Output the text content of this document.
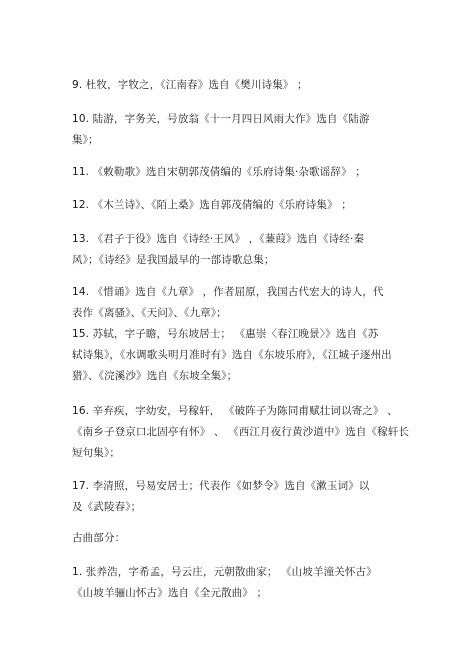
9. 杜牧，字牧之，《江南春》选自《樊川诗集》 ；
10. 陆游，字务关，号放翁《十一月四日风雨大作》选自《陆游
集》；
11. 《敕勒歌》选自宋朝郭茂倩编的《乐府诗集·杂歌谣辞》 ；
12. 《木兰诗》、《陌上桑》选自郭茂倩编的《乐府诗集》 ；
13. 《君子于役》选自《诗经·王风》 ，《蒹葭》选自《诗经·秦
风》；《诗经》是我国最早的一部诗歌总集；
14. 《惜诵》选自《九章》 ，作者屈原，我国古代宏大的诗人，代
表作《离骚》、《天问》、《九章》；
15. 苏轼，字子瞻，号东坡居士； 《惠崇〈春江晚景〉》选自《苏
轼诗集》，《水调歌头明月准时有》选自《东坡乐府》，《江城子逐州出
猎》、《浣溪沙》选自《东坡全集》；
16. 辛弃疾，字幼安，号稼轩， 《破阵子为陈同甫赋壮词以寄之》 、
《南乡子登京口北固亭有怀》 、 《西江月夜行黄沙道中》选自《稼轩长
短句集》；
17. 李清照，号易安居士；代表作《如梦令》选自《漱玉词》以
及《武陵春》；
古曲部分：
1. 张养浩，字希孟，号云庄，元朝散曲家； 《山坡羊潼关怀古》
《山坡羊骊山怀古》选自《全元散曲》 ；
